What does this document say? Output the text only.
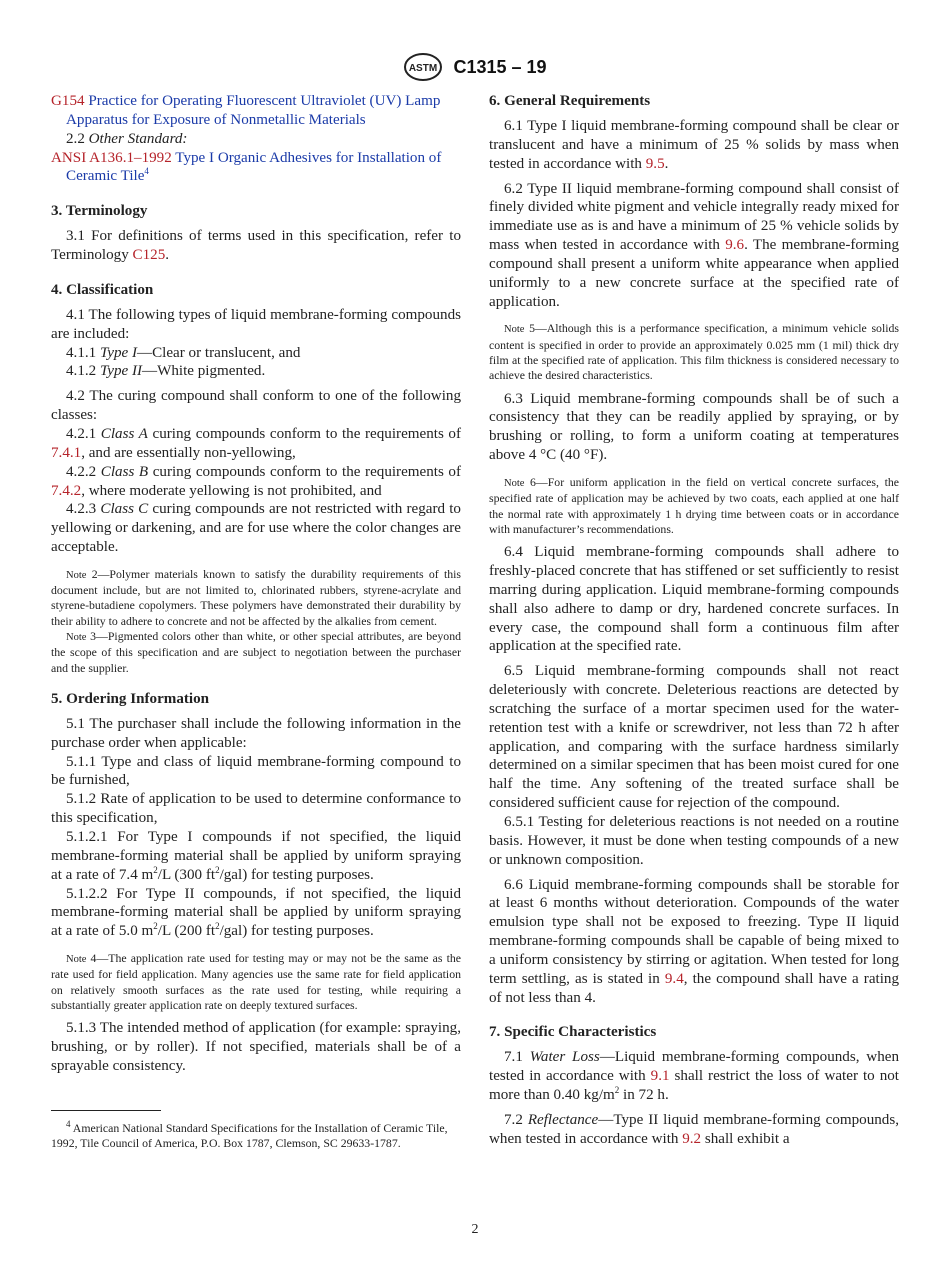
ASTM C1315 – 19

G154 Practice for Operating Fluorescent Ultraviolet (UV) Lamp Apparatus for Exposure of Nonmetallic Materials

2.2 Other Standard:

ANSI A136.1–1992 Type I Organic Adhesives for Installation of Ceramic Tile$^4$

3. Terminology

3.1 For definitions of terms used in this specification, refer to Terminology C125.

4. Classification

4.1 The following types of liquid membrane-forming compounds are included:

4.1.1 Type I—Clear or translucent, and

4.1.2 Type II—White pigmented.

4.2 The curing compound shall conform to one of the following classes:

4.2.1 Class A curing compounds conform to the requirements of 7.4.1, and are essentially non-yellowing,

4.2.2 Class B curing compounds conform to the requirements of 7.4.2, where moderate yellowing is not prohibited, and

4.2.3 Class C curing compounds are not restricted with regard to yellowing or darkening, and are for use where the color changes are acceptable.

Note 2—Polymer materials known to satisfy the durability requirements of this document include, but are not limited to, chlorinated rubbers, styrene-acrylate and styrene-butadiene copolymers. These polymers have demonstrated their durability by their ability to adhere to concrete and not be affected by the alkalies from cement.

Note 3—Pigmented colors other than white, or other special attributes, are beyond the scope of this specification and are subject to negotiation between the purchaser and the supplier.

5. Ordering Information

5.1 The purchaser shall include the following information in the purchase order when applicable:

5.1.1 Type and class of liquid membrane-forming compound to be furnished,

5.1.2 Rate of application to be used to determine conformance to this specification,

5.1.2.1 For Type I compounds if not specified, the liquid membrane-forming material shall be applied by uniform spraying at a rate of 7.4 $m^2/L$ (300 $ft^2/gal$) for testing purposes.

5.1.2.2 For Type II compounds, if not specified, the liquid membrane-forming material shall be applied by uniform spraying at a rate of 5.0 $m^2/L$ (200 $ft^2/gal$) for testing purposes.

Note 4—The application rate used for testing may or may not be the same as the rate used for field application. Many agencies use the same rate for field application on relatively smooth surfaces as the rate used for testing, while requiring a substantially greater application rate on deeply textured surfaces.

5.1.3 The intended method of application (for example: spraying, brushing, or by roller). If not specified, materials shall be of a sprayable consistency.

$^4$ American National Standard Specifications for the Installation of Ceramic Tile, 1992, Tile Council of America, P.O. Box 1787, Clemson, SC 29633-1787.

6. General Requirements

6.1 Type I liquid membrane-forming compound shall be clear or translucent and have a minimum of 25 % solids by mass when tested in accordance with 9.5.

6.2 Type II liquid membrane-forming compound shall consist of finely divided white pigment and vehicle integrally ready mixed for immediate use as is and have a minimum of 25 % vehicle solids by mass when tested in accordance with 9.6. The membrane-forming compound shall present a uniform white appearance when applied uniformly to a new concrete surface at the specified rate of application.

Note 5—Although this is a performance specification, a minimum vehicle solids content is specified in order to provide an approximately 0.025 mm (1 mil) thick dry film at the specified rate of application. This film thickness is considered necessary to achieve the desired characteristics.

6.3 Liquid membrane-forming compounds shall be of such a consistency that they can be readily applied by spraying, or by brushing or rolling, to form a uniform coating at temperatures above 4 °C (40 °F).

Note 6—For uniform application in the field on vertical concrete surfaces, the specified rate of application may be achieved by two coats, each applied at one half the normal rate with approximately 1 h drying time between coats or in accordance with manufacturer’s recommendations.

6.4 Liquid membrane-forming compounds shall adhere to freshly-placed concrete that has stiffened or set sufficiently to resist marring during application. Liquid membrane-forming compounds shall also adhere to damp or dry, hardened concrete surfaces. In every case, the compound shall form a continuous film after application at the specified rate.

6.5 Liquid membrane-forming compounds shall not react deleteriously with concrete. Deleterious reactions are detected by scratching the surface of a mortar specimen used for the water-retention test with a knife or screwdriver, not less than 72 h after application, and comparing with the surface hardness similarly determined on a similar specimen that has been moist cured for one half the time. Any softening of the treated surface shall be considered sufficient cause for rejection of the compound.

6.5.1 Testing for deleterious reactions is not needed on a routine basis. However, it must be done when testing compounds of a new or unknown composition.

6.6 Liquid membrane-forming compounds shall be storable for at least 6 months without deterioration. Compounds of the water emulsion type shall not be exposed to freezing. Type II liquid membrane-forming compounds shall be capable of being mixed to a uniform consistency by stirring or agitation. When tested for long term settling, as is stated in 9.4, the compound shall have a rating of not less than 4.

7. Specific Characteristics

7.1 Water Loss—Liquid membrane-forming compounds, when tested in accordance with 9.1 shall restrict the loss of water to not more than 0.40 $kg/m^2$ in 72 h.

7.2 Reflectance—Type II liquid membrane-forming compounds, when tested in accordance with 9.2 shall exhibit a

2
